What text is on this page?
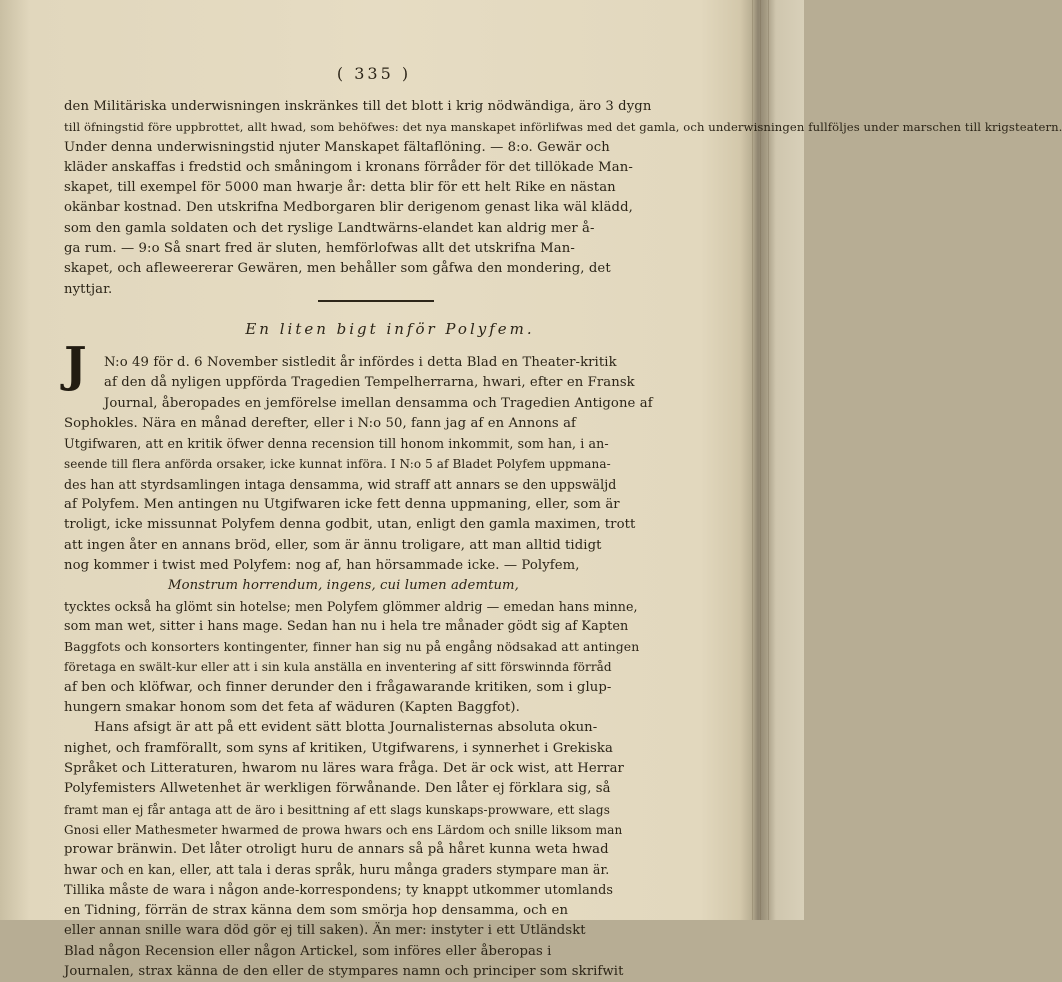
( 335 )
den Militäriska underwisningen inskränkes till det blott i krig nödwändiga, äro 3 dygn
till öfningstid före uppbrottet, allt hwad, som behöfwes: det nya manskapet införlifwas med det gamla, och underwisningen fullföljes under marschen till krigsteatern.
Under denna underwisningstid njuter Manskapet fältaflöning. — 8:o. Gewär och
kläder anskaffas i fredstid och småningom i kronans förråder för det tillökade Man-
skapet, till exempel för 5000 man hwarje år: detta blir för ett helt Rike en nästan
okänbar kostnad. Den utskrifna Medborgaren blir derigenom genast lika wäl klädd,
som den gamla soldaten och det ryslige Landtwärns-elandet kan aldrig mer å-
ga rum. — 9:o Så snart fred är sluten, hemförlofwas allt det utskrifna Man-
skapet, och afleweererar Gewären, men behåller som gåfwa den mondering, det
nyttjar.
En liten bigt inför Polyfem.
J	N:o 49 för d. 6 November sistledit år infördes i detta Blad en Theater-kritik
af den då nyligen uppförda Tragedien Tempelherrarna, hwari, efter en Fransk
Journal, åberopades en jemförelse imellan densamma och Tragedien Antigone af
Sophokles. Nära en månad derefter, eller i N:o 50, fann jag af en Annons af
Utgifwaren, att en kritik öfwer denna recension till honom inkommit, som han, i an-
seende till flera anförda orsaker, icke kunnat införa. I N:o 5 af Bladet Polyfem uppmana-
des han att styrdsamlingen intaga densamma, wid straff att annars se den uppswäljd
af Polyfem. Men antingen nu Utgifwaren icke fett denna uppmaning, eller, som är
troligt, icke missunnat Polyfem denna godbit, utan, enligt den gamla maximen, trott
att ingen åter en annans bröd, eller, som är ännu troligare, att man alltid tidigt
nog kommer i twist med Polyfem: nog af, han hörsammade icke. — Polyfem,
Monstrum horrendum, ingens, cui lumen ademtum,
tycktes också ha glömt sin hotelse; men Polyfem glömmer aldrig — emedan hans minne,
som man wet, sitter i hans mage. Sedan han nu i hela tre månader gödt sig af Kapten
Baggfots och konsorters kontingenter, finner han sig nu på engång nödsakad att antingen
företaga en swält-kur eller att i sin kula anställa en inventering af sitt förswinnda förråd
af ben och klöfwar, och finner derunder den i frågawarande kritiken, som i glup-
hungern smakar honom som det feta af wäduren (Kapten Baggfot).
Hans afsigt är att på ett evident sätt blotta Journalisternas absoluta okun-
nighet, och framförallt, som syns af kritiken, Utgifwarens, i synnerhet i Grekiska
Språket och Litteraturen, hwarom nu läres wara fråga. Det är ock wist, att Herrar
Polyfemisters Allwetenhet är werkligen förwånande. Den låter ej förklara sig, så
framt man ej får antaga att de äro i besittning af ett slags kunskaps-prowware, ett slags
Gnosi eller Mathesmeter hwarmed de prowa hwars och ens Lärdom och snille liksom man
prowar bränwin. Det låter otroligt huru de annars så på håret kunna weta hwad
hwar och en kan, eller, att tala i deras språk, huru många graders stympare man är.
Tillika måste de wara i någon ande-korrespondens; ty knappt utkommer utomlands
en Tidning, förrän de strax känna dem som smörja hop densamma, och en
eller annan snille wara död gör ej till saken). Än mer: instyter i ett Utländskt
Blad någon Recension eller någon Artickel, som införes eller åberopas i
Journalen, strax känna de den eller de stympares namn och principer som skrifwit
